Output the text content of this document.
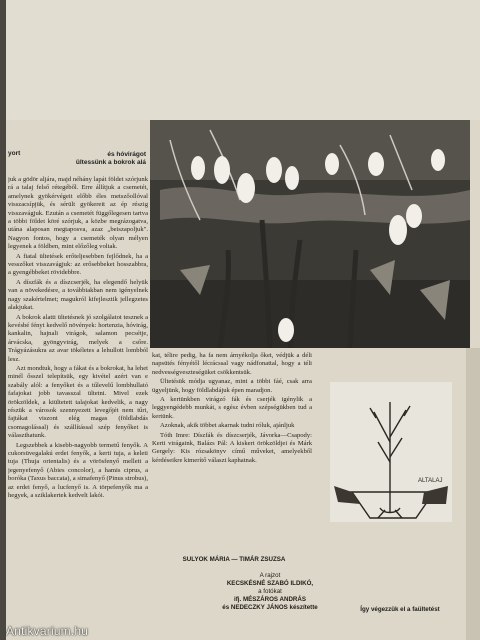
yort	és hóvirágot
ültessünk a bokrok alá

juk a gödör aljára, majd néhány lapát földet szórjunk rá a talaj felső rétegéből. Erre állítjuk a csemetét, amelynek gyökérvégeit előbb éles metszőollóval visszacsípjük, és sérült gyökereit az ép részig visszavágjuk. Ezután a csemetét függőlegesen tartva a többi földet köré szórjuk, a közbe megrázogatva, utána alaposan megtaposva, azaz „beiszapoljuk". Nagyon fontos, hogy a csemeték olyan mélyen legyenek a földben, mint előzőleg voltak.

A fiatal ültetések erőteljesebben fejlődnek, ha a vesszőket visszavágjuk: az erősebbeket hosszabbra, a gyengébbeket rövidebbre.

A díszfák és a díszcserjék, ha elegendő helyük van a növekedésre, a továbbiakban nem igényelnek nagy szakértelmet; magukról kifejlesztik jellegzetes alakjukat.

A bokrok alatti ültetésnek jó szolgálatot tesznek a kevésbé fényt kedvelő növények: hortenzia, hóvirág, kankalin, hajnali virágok, salamon pecsétje, árvácska, gyöngyvirág, melyek a csőre. Trágyázásukra az avar tökéletes a lehullott lombból lesz.

Azt mondtuk, hogy a fákat és a bokrokat, ha lehet minél ősszel telepítsük, egy kivétel azért van e szabály alól: a fenyőket és a tűlevelű lombhullató fafajokat jobb tavasszal ültetni. Mivel ezek örökzöldek, a kiültetett talajokat kedvelik, a nagy részük a városok szennyezett levegőjét nem tűri, fajtákat viszont elég magas (földlabdás csomagolással) és szállítással szép fenyőket is választhatunk.

Legszebbek a kisebb-nagyobb termetű fenyők. A cukorsüvegalakú erdei fenyők, a kerti tuja, a keleti tuja (Thuja orientalis) és a vörösfenyő mellett a jegenyefenyő (Abies concolor), a hamis ciprus, a boróka (Taxus baccata), a simafenyő (Pinus strobus), az erdei fenyő, a lucfenyő is. A törpefenyők ma a hegyek, a sziklakertek kedvelt lakói.

kat, télire pedig, ha fa nem árnyékolja őket, védjük a déli napsütés fényétől lécrácssal vagy nádfonattal, hogy a téli nedvességveszteségüket csökkentsük.

Ültetésük módja ugyanaz, mint a többi fáé, csak arra ügyeljünk, hogy földlabdájuk épen maradjon.

A kertünkben virágzó fák és cserjék igénylik a leggyengédebb munkát, s egész évben szépségükben tud a kertünk.

Azoknak, akik többet akarnak tudni róluk, ajánljuk

Tóth Imre: Díszfák és díszcserjék, Jávorka—Csapody: Kerti virágaink, Balázs Pál: A kiskert örökzöldjei és Márk Gergely: Kis rózsakönyv című műveket, amelyekből kérdéseikre kimerítő választ kaphatnak.

SULYOK MÁRIA — TIMÁR ZSUZSA
A rajzot
KECSKÉSNÉ SZABÓ ILDIKÓ,
a fotókat
ifj. MÉSZÁROS ANDRÁS
és NEDECZKY JÁNOS készítette
ALTALAJ
Így végezzük el a faültetést
Antikvarium.hu
